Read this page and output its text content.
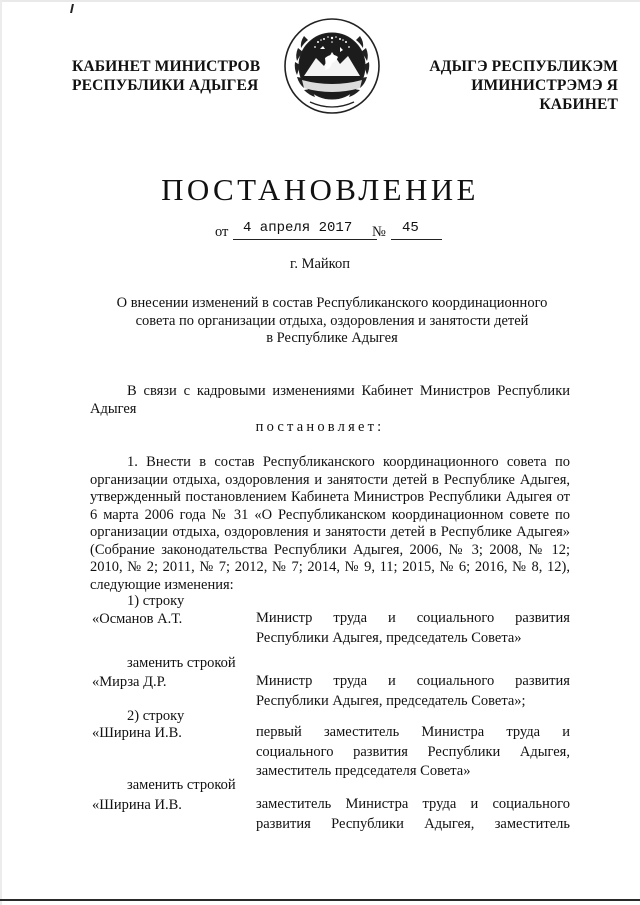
КАБИНЕТ МИНИСТРОВ
РЕСПУБЛИКИ АДЫГЕЯ
АДЫГЭ РЕСПУБЛИКЭМ
ИМИНИСТРЭМЭ Я КАБИНЕТ
ПОСТАНОВЛЕНИЕ
от 4 апреля 2017 № 45
г. Майкоп
О внесении изменений в состав Республиканского координационного
совета по организации отдыха, оздоровления и занятости детей
в Республике Адыгея
В связи с кадровыми изменениями Кабинет Министров Республики Адыгея
постановляет:
1. Внести в состав Республиканского координационного совета по организации отдыха, оздоровления и занятости детей в Республике Адыгея, утвержденный постановлением Кабинета Министров Республики Адыгея от 6 марта 2006 года № 31 «О Республиканском координационном совете по организации отдыха, оздоровления и занятости детей в Республике Адыгея» (Собрание законодательства Республики Адыгея, 2006, № 3; 2008, № 12; 2010, № 2; 2011, № 7; 2012, № 7; 2014, № 9, 11; 2015, № 6; 2016, № 8, 12), следующие изменения:
1) строку
«Османов А.Т.	Министр труда и социального развития
Республики Адыгея, председатель Совета»
заменить строкой
«Мирза Д.Р.	Министр труда и социального развития
Республики Адыгея, председатель Совета»;
2) строку
«Ширина И.В.	первый заместитель Министра труда и
социального развития Республики Адыгея,
заместитель председателя Совета»
заменить строкой
«Ширина И.В.	заместитель Министра труда и социального
развития Республики Адыгея, заместитель
